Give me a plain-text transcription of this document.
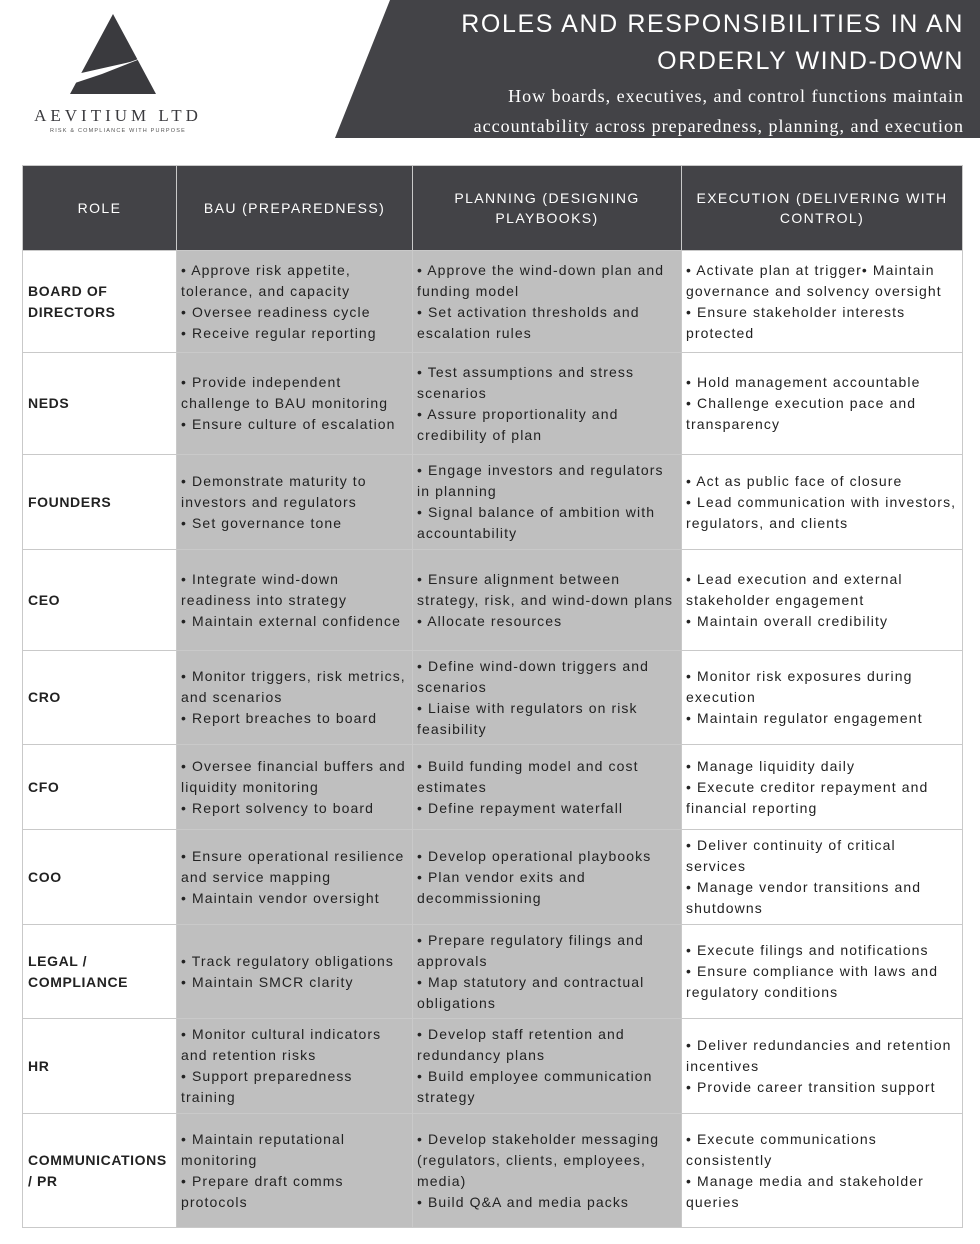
AEVITIUM LTD
RISK & COMPLIANCE WITH PURPOSE
ROLES AND RESPONSIBILITIES IN AN
ORDERLY WIND-DOWN
How boards, executives, and control functions maintain
accountability across preparedness, planning, and execution
ROLE	BAU (PREPAREDNESS)	PLANNING (DESIGNING PLAYBOOKS)	EXECUTION (DELIVERING WITH CONTROL)
BOARD OF DIRECTORS	• Approve risk appetite, tolerance, and capacity
• Oversee readiness cycle
• Receive regular reporting	• Approve the wind-down plan and funding model
• Set activation thresholds and escalation rules	• Activate plan at trigger• Maintain governance and solvency oversight
• Ensure stakeholder interests protected

NEDS	• Provide independent challenge to BAU monitoring
• Ensure culture of escalation	• Test assumptions and stress scenarios
• Assure proportionality and credibility of plan	• Hold management accountable
• Challenge execution pace and transparency

FOUNDERS	• Demonstrate maturity to investors and regulators
• Set governance tone	• Engage investors and regulators in planning
• Signal balance of ambition with accountability	• Act as public face of closure
• Lead communication with investors, regulators, and clients

CEO	• Integrate wind-down readiness into strategy
• Maintain external confidence	• Ensure alignment between strategy, risk, and wind-down plans
• Allocate resources	• Lead execution and external stakeholder engagement
• Maintain overall credibility

CRO	• Monitor triggers, risk metrics, and scenarios
• Report breaches to board	• Define wind-down triggers and scenarios
• Liaise with regulators on risk feasibility	• Monitor risk exposures during execution
• Maintain regulator engagement

CFO	• Oversee financial buffers and liquidity monitoring
• Report solvency to board	• Build funding model and cost estimates
• Define repayment waterfall	• Manage liquidity daily
• Execute creditor repayment and financial reporting

COO	• Ensure operational resilience and service mapping
• Maintain vendor oversight	• Develop operational playbooks
• Plan vendor exits and decommissioning	• Deliver continuity of critical services
• Manage vendor transitions and shutdowns

LEGAL / COMPLIANCE	• Track regulatory obligations
• Maintain SMCR clarity	• Prepare regulatory filings and approvals
• Map statutory and contractual obligations	• Execute filings and notifications
• Ensure compliance with laws and regulatory conditions

HR	• Monitor cultural indicators and retention risks
• Support preparedness training	• Develop staff retention and redundancy plans
• Build employee communication strategy	• Deliver redundancies and retention incentives
• Provide career transition support

COMMUNICATIONS / PR	• Maintain reputational monitoring
• Prepare draft comms protocols	• Develop stakeholder messaging (regulators, clients, employees, media)
• Build Q&A and media packs	• Execute communications consistently
• Manage media and stakeholder queries
